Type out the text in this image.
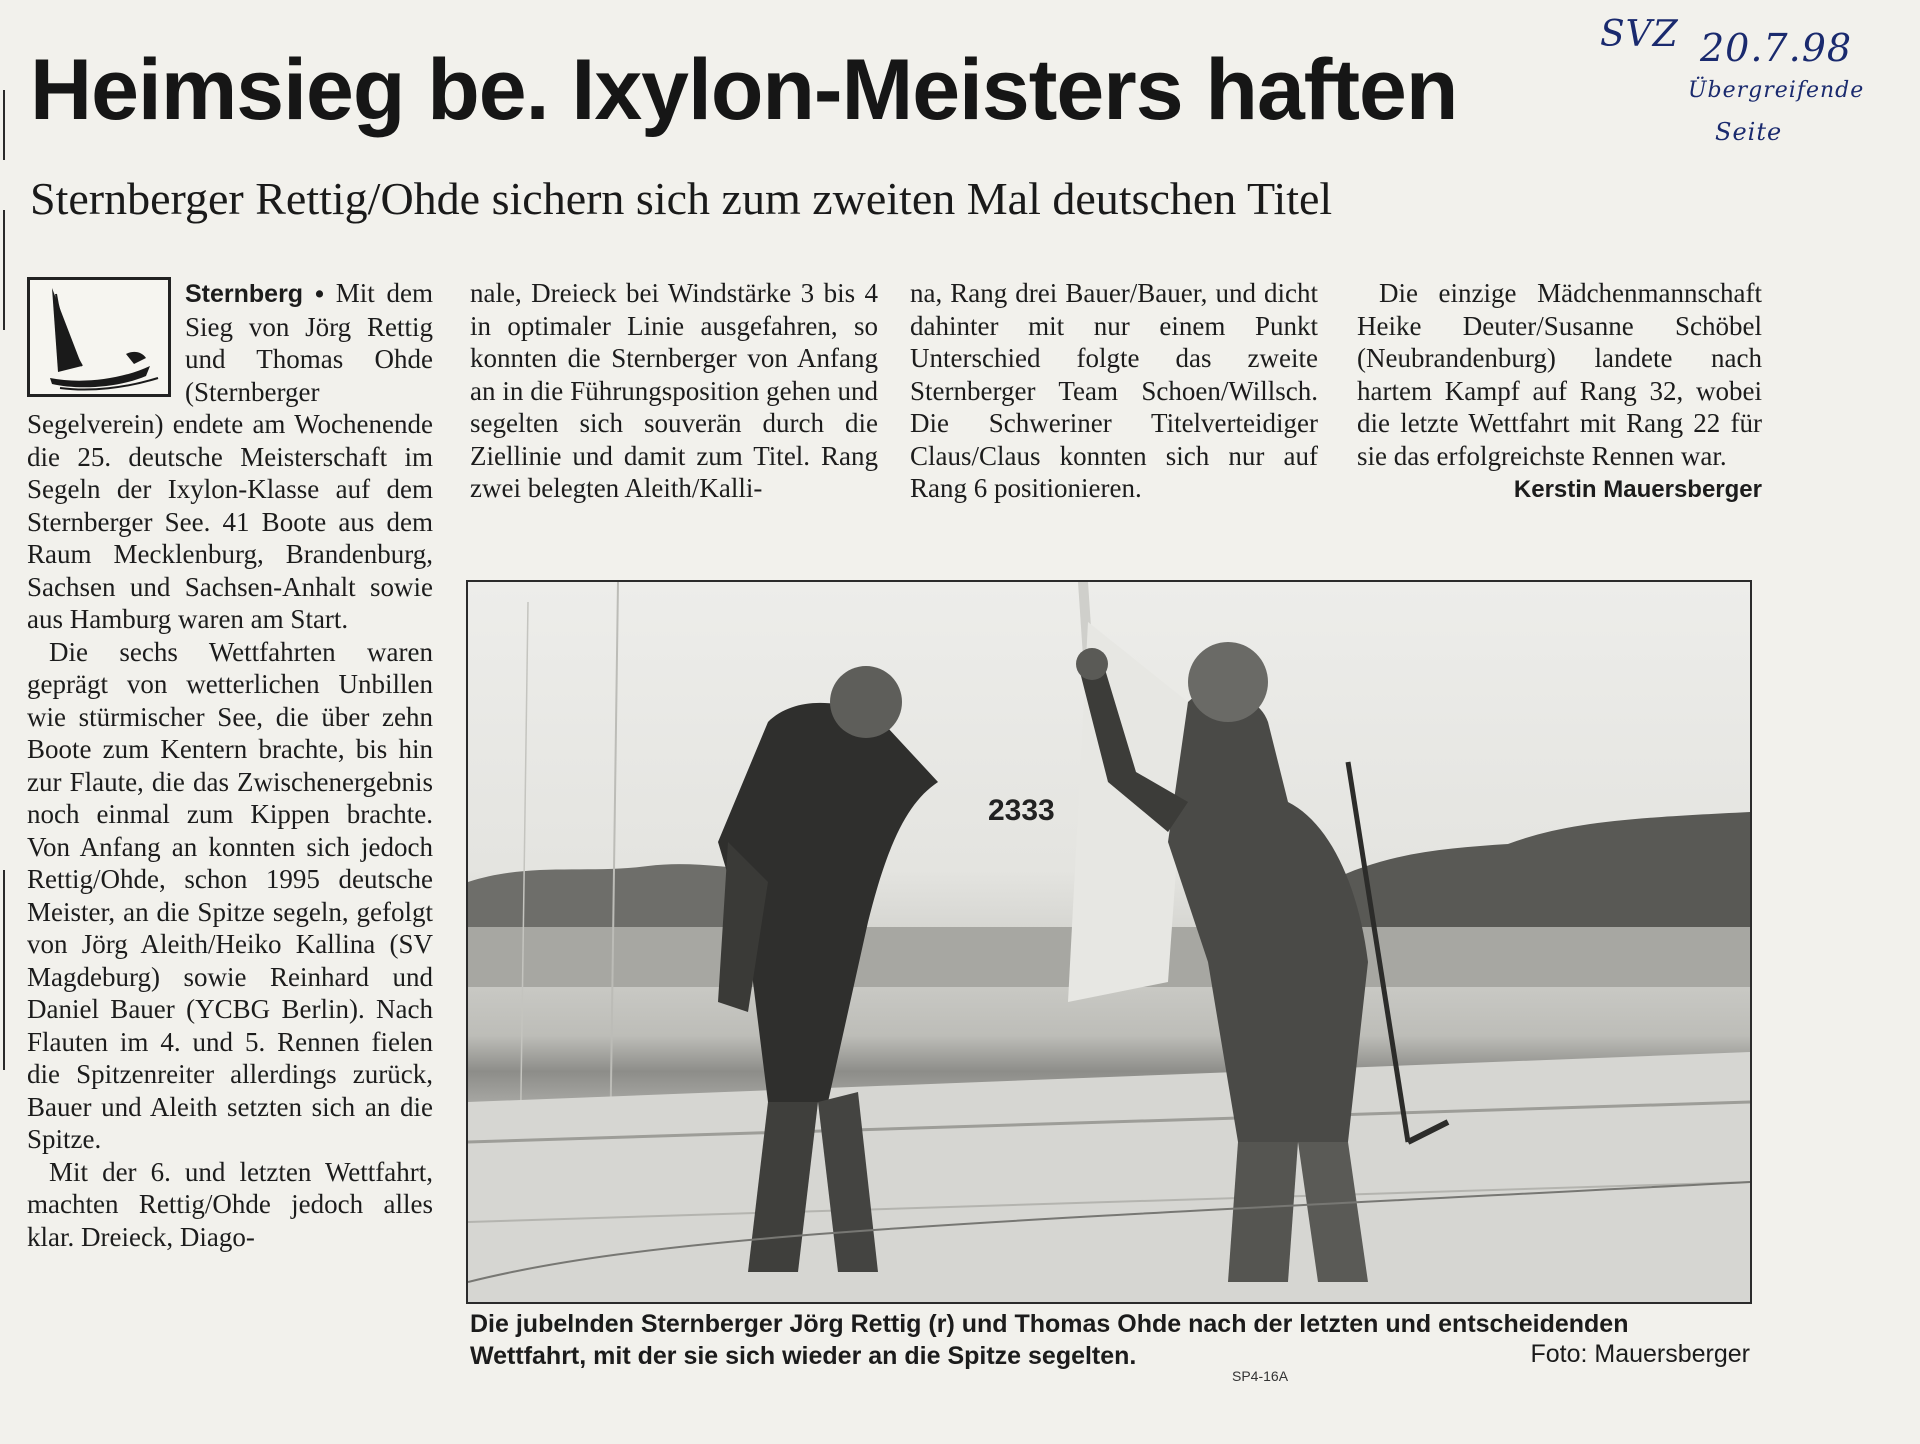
SVZ 20.7.98
Übergreifende
Seite
Heimsieg be. Ixylon-Meisters haften
Sternberger Rettig/Ohde sichern sich zum zweiten Mal deutschen Titel

Sternberg • Mit dem Sieg von Jörg Rettig und Thomas Ohde (Sternberger Segelverein) endete am Wochenende die 25. deutsche Meisterschaft im Segeln der Ixylon-Klasse auf dem Sternberger See. 41 Boote aus dem Raum Mecklenburg, Brandenburg, Sachsen und Sachsen-Anhalt sowie aus Hamburg waren am Start.

Die sechs Wettfahrten waren geprägt von wetterlichen Unbillen wie stürmischer See, die über zehn Boote zum Kentern brachte, bis hin zur Flaute, die das Zwischenergebnis noch einmal zum Kippen brachte. Von Anfang an konnten sich jedoch Rettig/Ohde, schon 1995 deutsche Meister, an die Spitze segeln, gefolgt von Jörg Aleith/Heiko Kallina (SV Magdeburg) sowie Reinhard und Daniel Bauer (YCBG Berlin). Nach Flauten im 4. und 5. Rennen fielen die Spitzenreiter allerdings zurück, Bauer und Aleith setzten sich an die Spitze.

Mit der 6. und letzten Wettfahrt, machten Rettig/Ohde jedoch alles klar. Dreieck, Diago-

nale, Dreieck bei Windstärke 3 bis 4 in optimaler Linie ausgefahren, so konnten die Sternberger von Anfang an in die Führungsposition gehen und segelten sich souverän durch die Ziellinie und damit zum Titel. Rang zwei belegten Aleith/Kalli-

na, Rang drei Bauer/Bauer, und dicht dahinter mit nur einem Punkt Unterschied folgte das zweite Sternberger Team Schoen/Willsch. Die Schweriner Titelverteidiger Claus/Claus konnten sich nur auf Rang 6 positionieren.

Die einzige Mädchenmannschaft Heike Deuter/Susanne Schöbel (Neubrandenburg) landete nach hartem Kampf auf Rang 32, wobei die letzte Wettfahrt mit Rang 22 für sie das erfolgreichste Rennen war.

Kerstin Mauersberger
2333
Die jubelnden Sternberger Jörg Rettig (r) und Thomas Ohde nach der letzten und entscheidenden Wettfahrt, mit der sie sich wieder an die Spitze segelten.	Foto: Mauersberger
SP4-16A
